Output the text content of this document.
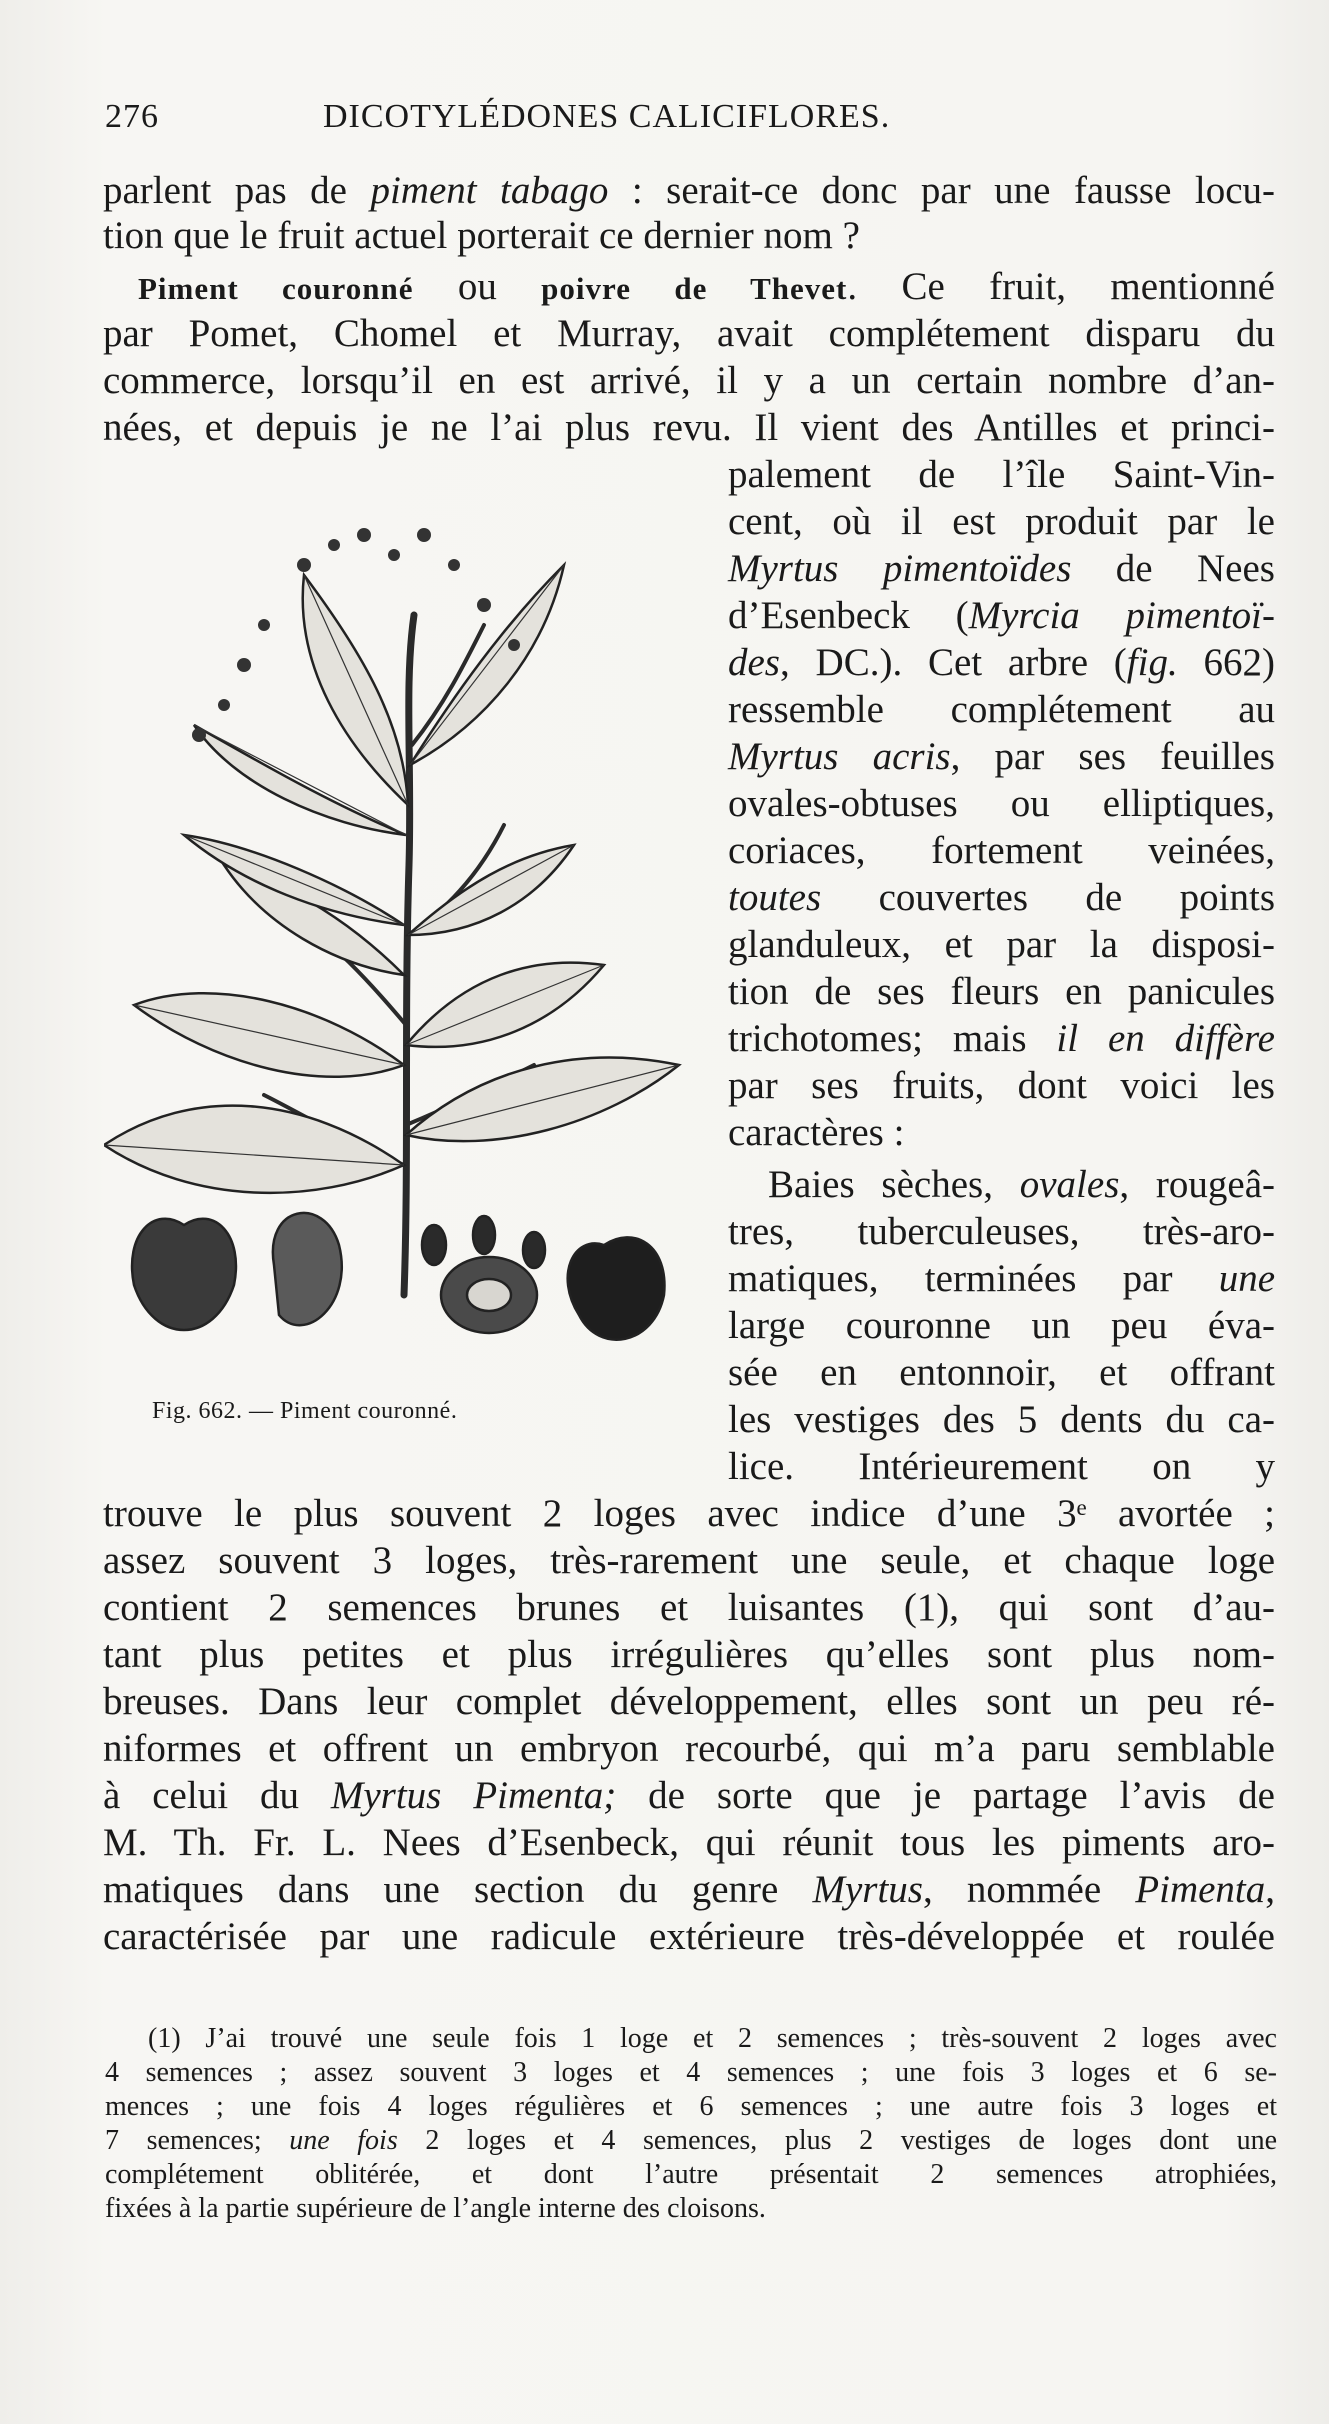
276	DICOTYLÉDONES CALICIFLORES.
parlent pas de piment tabago : serait-ce donc par une fausse locu-
tion que le fruit actuel porterait ce dernier nom ?
Piment couronné ou poivre de Thevet. Ce fruit, mentionné
par Pomet, Chomel et Murray, avait complétement disparu du
commerce, lorsqu’il en est arrivé, il y a un certain nombre d’an-
nées, et depuis je ne l’ai plus revu. Il vient des Antilles et princi-
palement de l’île Saint-Vin-
cent, où il est produit par le
Myrtus pimentoïdes de Nees
d’Esenbeck (Myrcia pimentoï-
des, DC.). Cet arbre (fig. 662)
ressemble complétement au
Myrtus acris, par ses feuilles
ovales-obtuses ou elliptiques,
coriaces, fortement veinées,
toutes couvertes de points
glanduleux, et par la disposi-
tion de ses fleurs en panicules
trichotomes; mais il en diffère
par ses fruits, dont voici les
caractères :
Baies sèches, ovales, rougeâ-
tres, tuberculeuses, très-aro-
matiques, terminées par une
large couronne un peu éva-
sée en entonnoir, et offrant
les vestiges des 5 dents du ca-
lice. Intérieurement on y
trouve le plus souvent 2 loges avec indice d’une 3ᵉ avortée ;
assez souvent 3 loges, très-rarement une seule, et chaque loge
contient 2 semences brunes et luisantes (1), qui sont d’au-
tant plus petites et plus irrégulières qu’elles sont plus nom-
breuses. Dans leur complet développement, elles sont un peu ré-
niformes et offrent un embryon recourbé, qui m’a paru semblable
à celui du Myrtus Pimenta; de sorte que je partage l’avis de
M. Th. Fr. L. Nees d’Esenbeck, qui réunit tous les piments aro-
matiques dans une section du genre Myrtus, nommée Pimenta,
caractérisée par une radicule extérieure très-développée et roulée
Fig. 662. — Piment couronné.
(1) J’ai trouvé une seule fois 1 loge et 2 semences ; très-souvent 2 loges avec
4 semences ; assez souvent 3 loges et 4 semences ; une fois 3 loges et 6 se-
mences ; une fois 4 loges régulières et 6 semences ; une autre fois 3 loges et
7 semences; une fois 2 loges et 4 semences, plus 2 vestiges de loges dont une
complétement oblitérée, et dont l’autre présentait 2 semences atrophiées,
fixées à la partie supérieure de l’angle interne des cloisons.
